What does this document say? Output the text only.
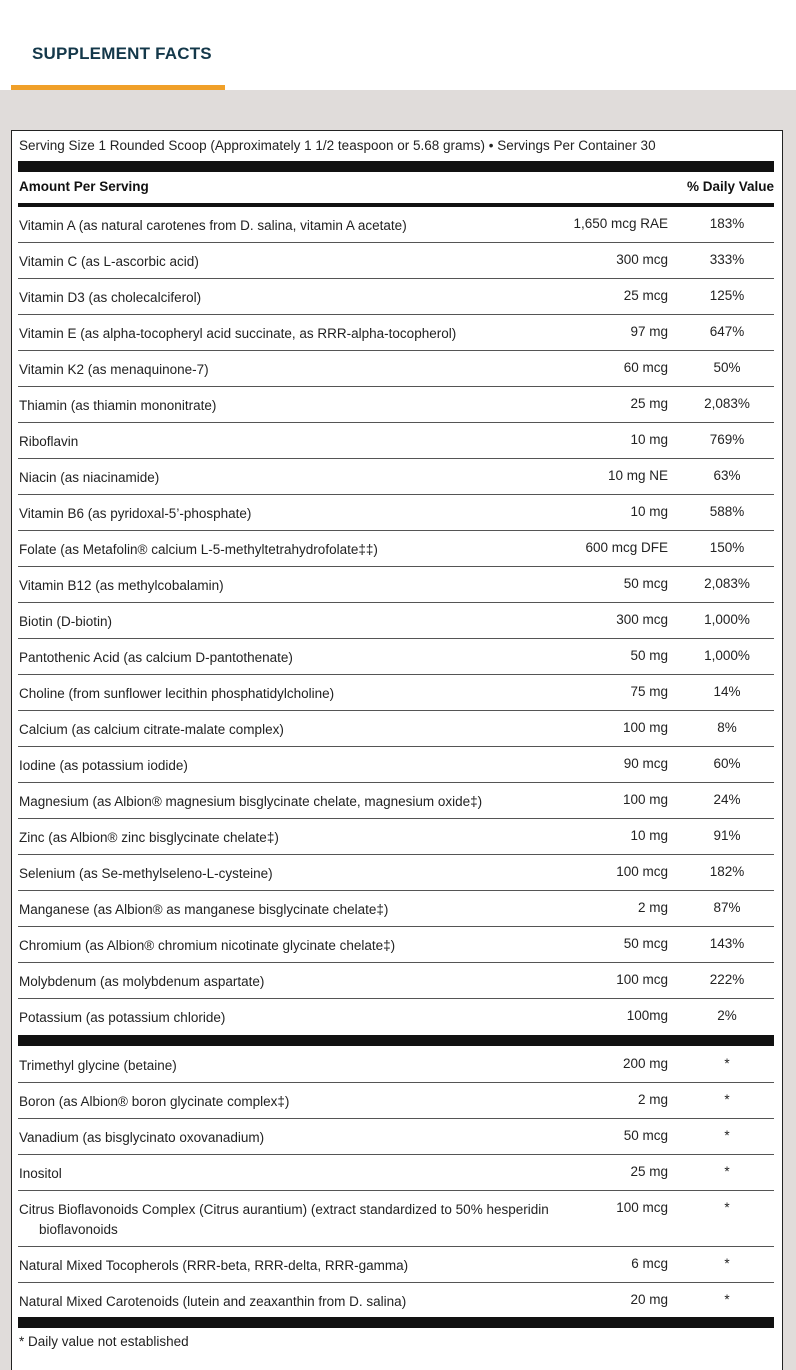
SUPPLEMENT FACTS
Serving Size 1 Rounded Scoop (Approximately 1 1/2 teaspoon or 5.68 grams) • Servings Per Container 30
Amount Per Serving	% Daily Value
Vitamin A (as natural carotenes from D. salina, vitamin A acetate)	1,650 mcg RAE	183%
Vitamin C (as L-ascorbic acid)	300 mcg	333%
Vitamin D3 (as cholecalciferol)	25 mcg	125%
Vitamin E (as alpha-tocopheryl acid succinate, as RRR-alpha-tocopherol)	97 mg	647%
Vitamin K2 (as menaquinone-7)	60 mcg	50%
Thiamin (as thiamin mononitrate)	25 mg	2,083%
Riboflavin	10 mg	769%
Niacin (as niacinamide)	10 mg NE	63%
Vitamin B6 (as pyridoxal-5’-phosphate)	10 mg	588%
Folate (as Metafolin® calcium L-5-methyltetrahydrofolate‡‡)	600 mcg DFE	150%
Vitamin B12 (as methylcobalamin)	50 mcg	2,083%
Biotin (D-biotin)	300 mcg	1,000%
Pantothenic Acid (as calcium D-pantothenate)	50 mg	1,000%
Choline (from sunflower lecithin phosphatidylcholine)	75 mg	14%
Calcium (as calcium citrate-malate complex)	100 mg	8%
Iodine (as potassium iodide)	90 mcg	60%
Magnesium (as Albion® magnesium bisglycinate chelate, magnesium oxide‡)	100 mg	24%
Zinc (as Albion® zinc bisglycinate chelate‡)	10 mg	91%
Selenium (as Se-methylseleno-L-cysteine)	100 mcg	182%
Manganese (as Albion® as manganese bisglycinate chelate‡)	2 mg	87%
Chromium (as Albion® chromium nicotinate glycinate chelate‡)	50 mcg	143%
Molybdenum (as molybdenum aspartate)	100 mcg	222%
Potassium (as potassium chloride)	100mg	2%
Trimethyl glycine (betaine)	200 mg	*
Boron (as Albion® boron glycinate complex‡)	2 mg	*
Vanadium (as bisglycinato oxovanadium)	50 mcg	*
Inositol	25 mg	*
Citrus Bioflavonoids Complex (Citrus aurantium) (extract standardized to 50% hesperidin
bioflavonoids
100 mcg	*
Natural Mixed Tocopherols (RRR-beta, RRR-delta, RRR-gamma)	6 mcg	*
Natural Mixed Carotenoids (lutein and zeaxanthin from D. salina)	20 mg	*
* Daily value not established
